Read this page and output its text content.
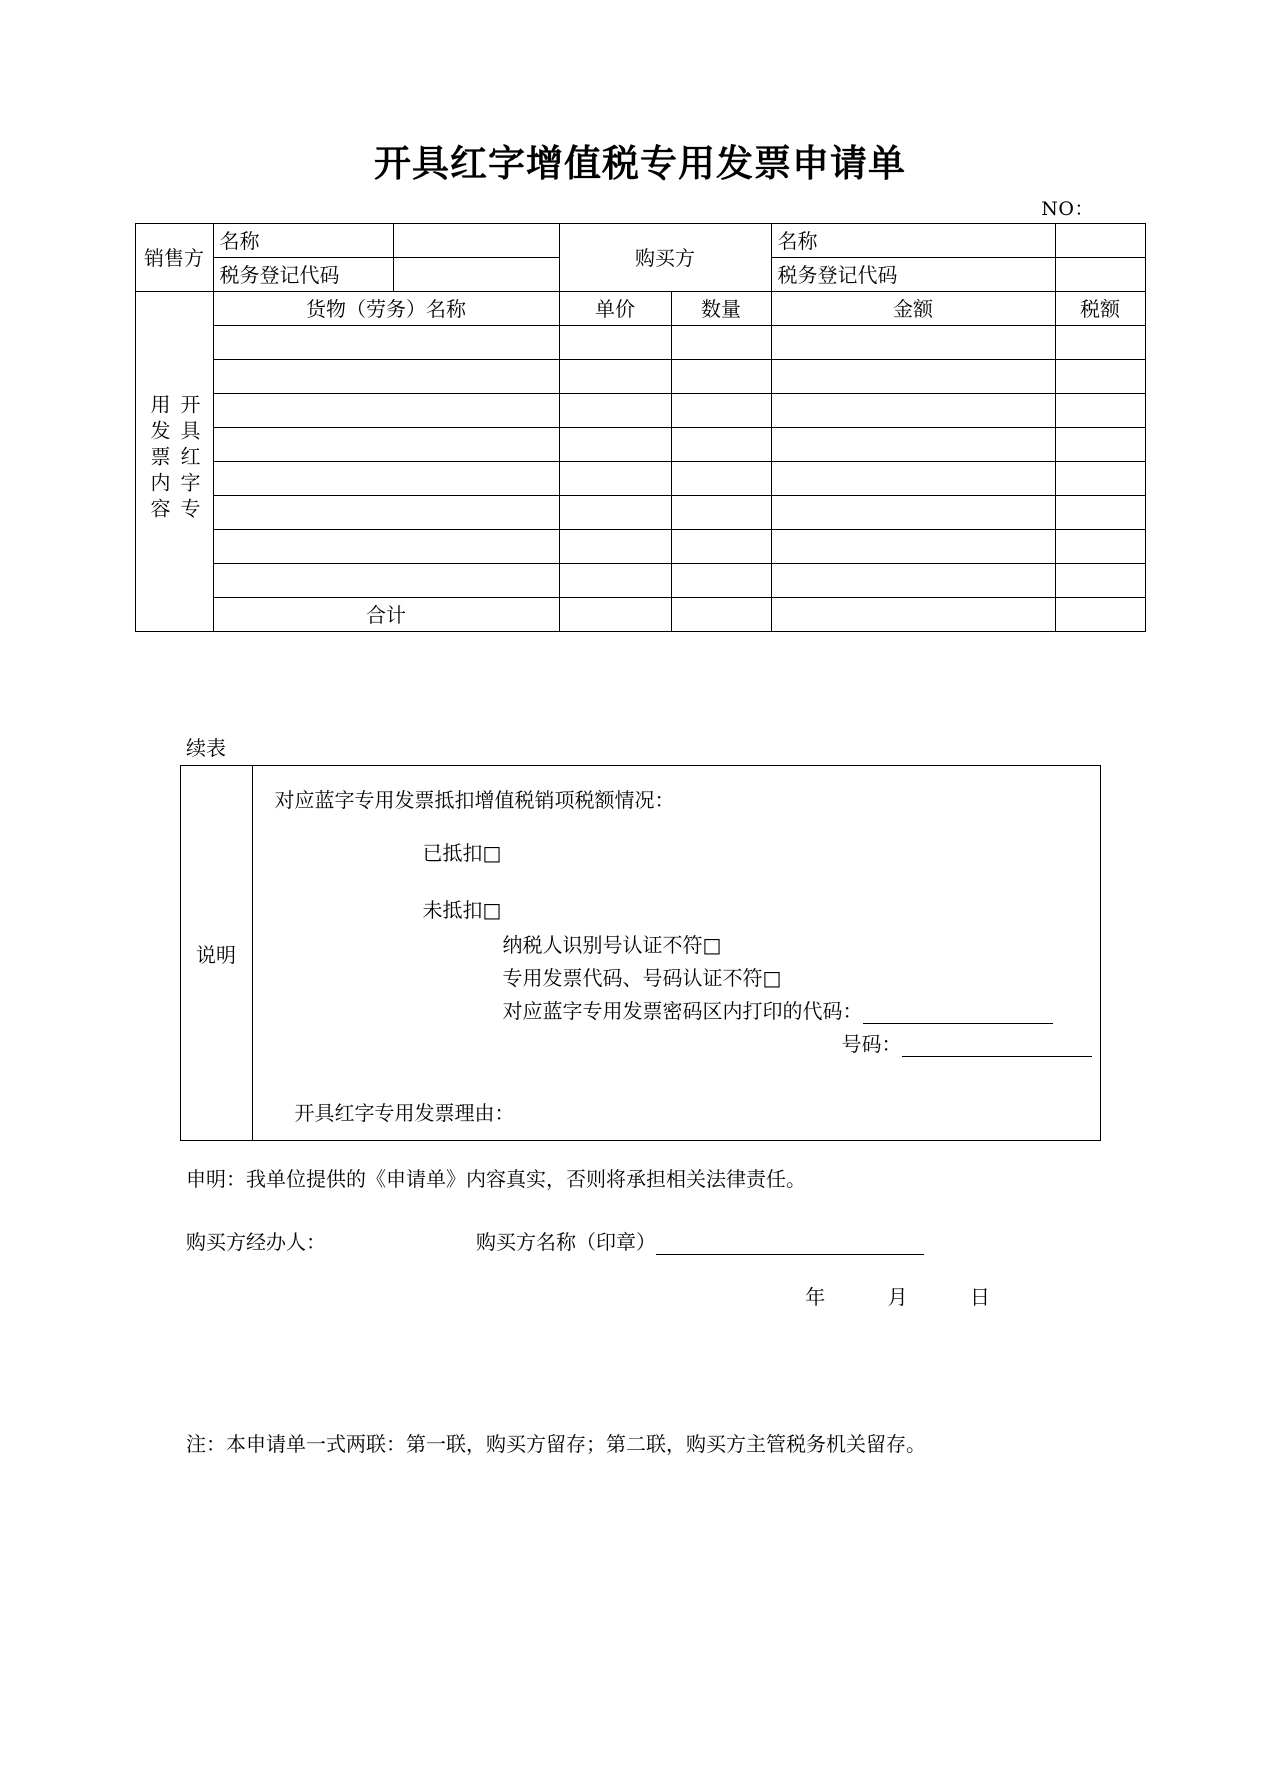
开具红字增值税专用发票申请单
NO：
销售方	名称		购买方		名称	
	税务登记代码				税务登记代码	
开具红字专用发票内容	货物（劳务）名称		单价	数量	金额	税额

	合计					
续表
说明	
对应蓝字专用发票抵扣增值税销项税额情况：
已抵扣□
未抵扣□
纳税人识别号认证不符□
专用发票代码、号码认证不符□
对应蓝字专用发票密码区内打印的代码：
号码：
开具红字专用发票理由：
申明：我单位提供的《申请单》内容真实，否则将承担相关法律责任。
购买方经办人：	购买方名称（印章）
年	月	日
注：本申请单一式两联：第一联，购买方留存；第二联，购买方主管税务机关留存。
